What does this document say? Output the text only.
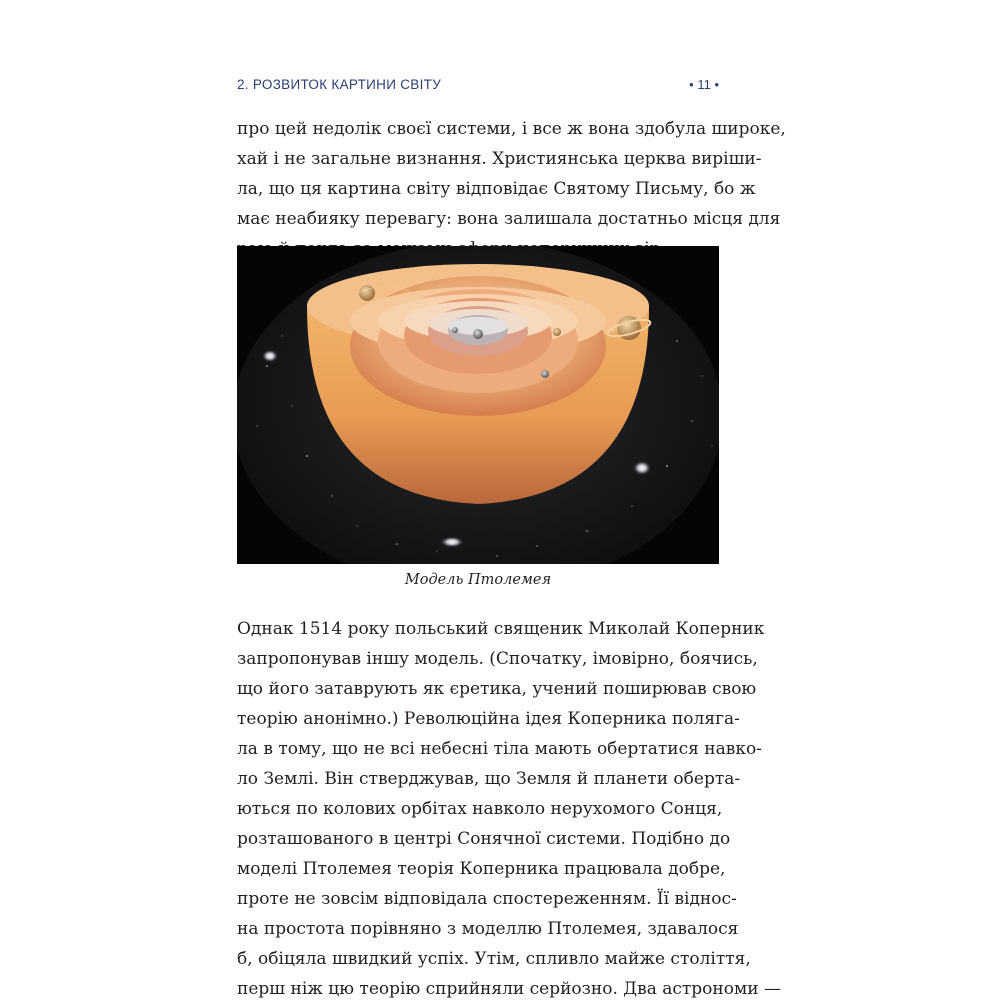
2. РОЗВИТОК КАРТИНИ СВІТУ	• 11 •
про цей недолік своєї системи, і все ж вона здобула широке,
хай і не загальне визнання. Християнська церква виріши-
ла, що ця картина світу відповідає Святому Письму, бо ж
має неабияку перевагу: вона залишала достатньо місця для
Модель Птолемея
Однак 1514 року польський священик Миколай Коперник
запропонував іншу модель. (Спочатку, імовірно, боячись,
що його затаврують як єретика, учений поширював свою
теорію анонімно.) Революційна ідея Коперника полягa-
ла в тому, що не всі небесні тіла мають обертатися навко-
ло Землі. Він стверджував, що Земля й планети оберта-
ються по колових орбітах навколо нерухомого Сонця,
розташованого в центрі Сонячної системи. Подібно до
моделі Птолемея теорія Коперника працювала добре,
проте не зовсім відповідала спостереженням. Її віднос-
на простота порівняно з моделлю Птолемея, здавалося
б, обіцяла швидкий успіх. Утім, спливло майже століття,
перш ніж цю теорію сприйняли серйозно. Два астрономи —
